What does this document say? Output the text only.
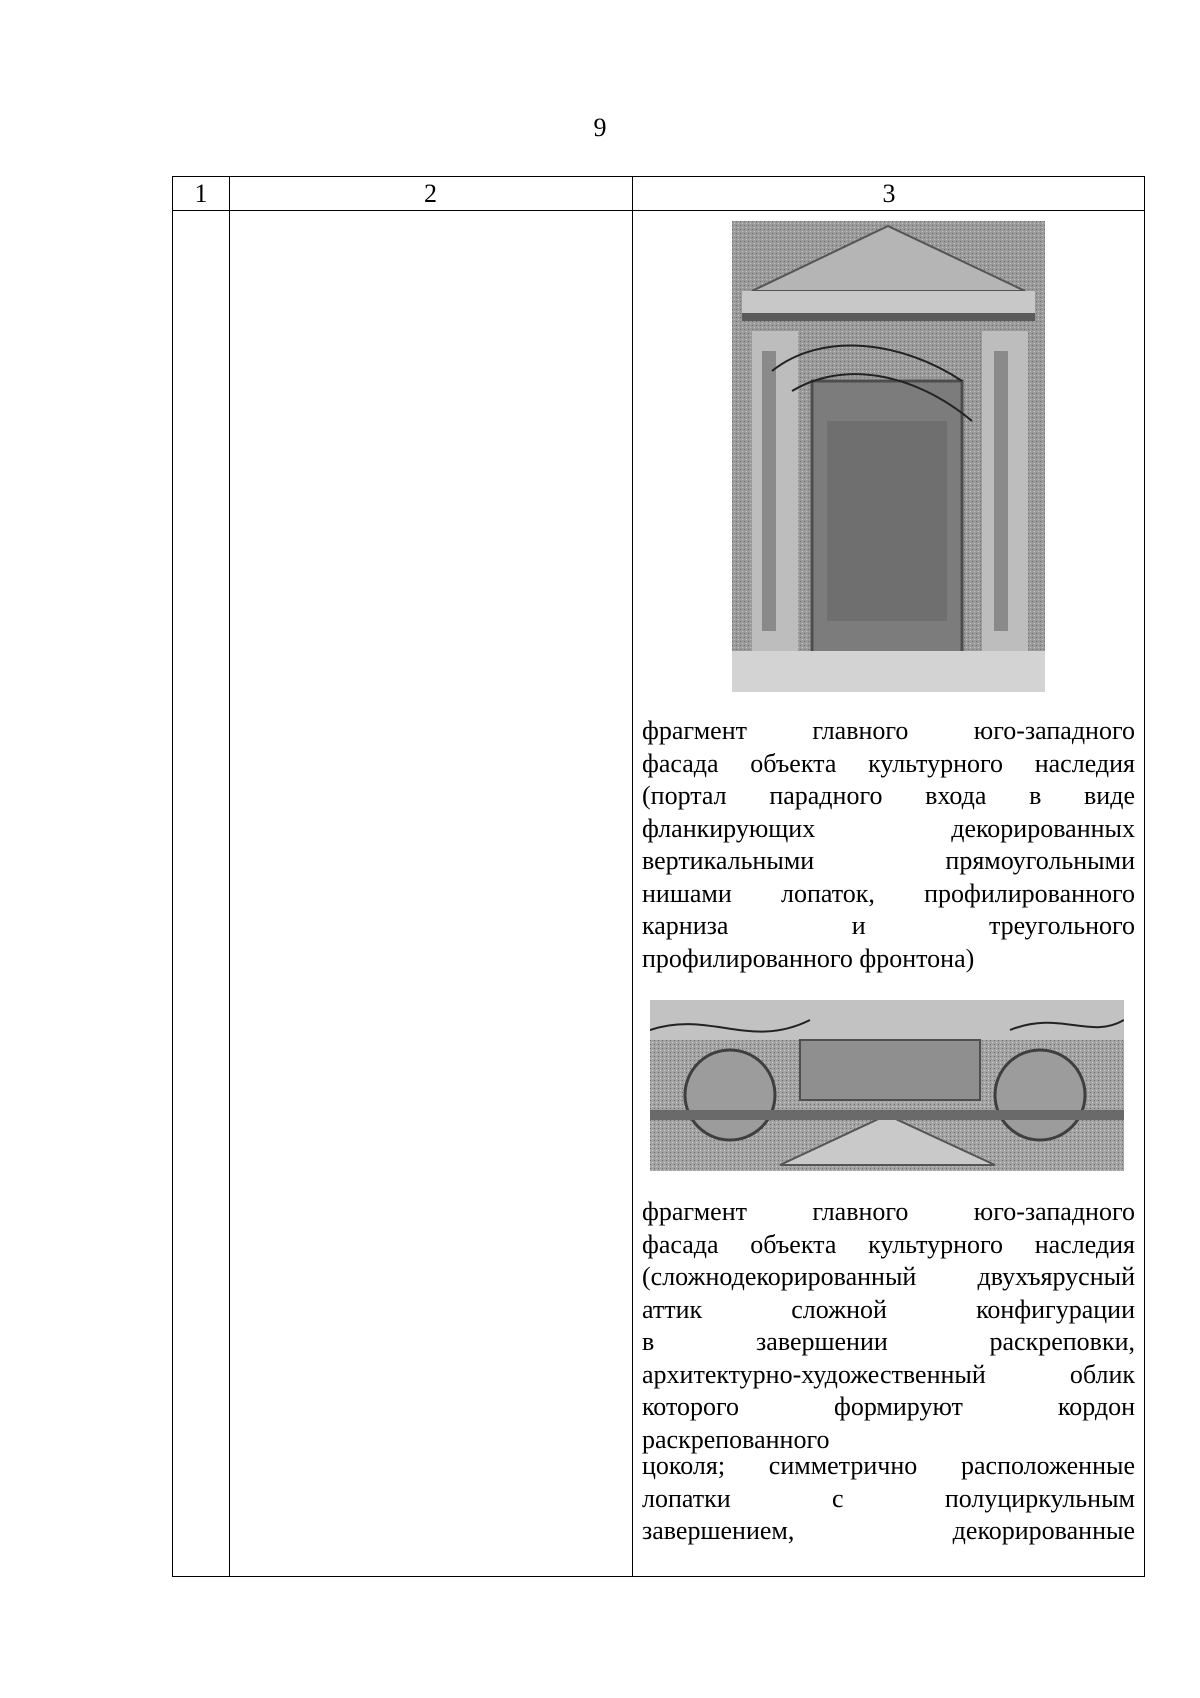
9
1	2	3
фрагмент главного юго-западного
фасада объекта культурного наследия
(портал парадного входа в виде
фланкирующих декорированных
вертикальными прямоугольными
нишами лопаток, профилированного
карниза и треугольного
профилированного фронтона)
фрагмент главного юго-западного
фасада объекта культурного наследия
(сложнодекорированный двухъярусный
аттик сложной конфигурации
в завершении раскреповки,
архитектурно-художественный облик
которого формируют кордон
раскрепованного
цоколя; симметрично расположенные
лопатки с полуциркульным
завершением, декорированные
